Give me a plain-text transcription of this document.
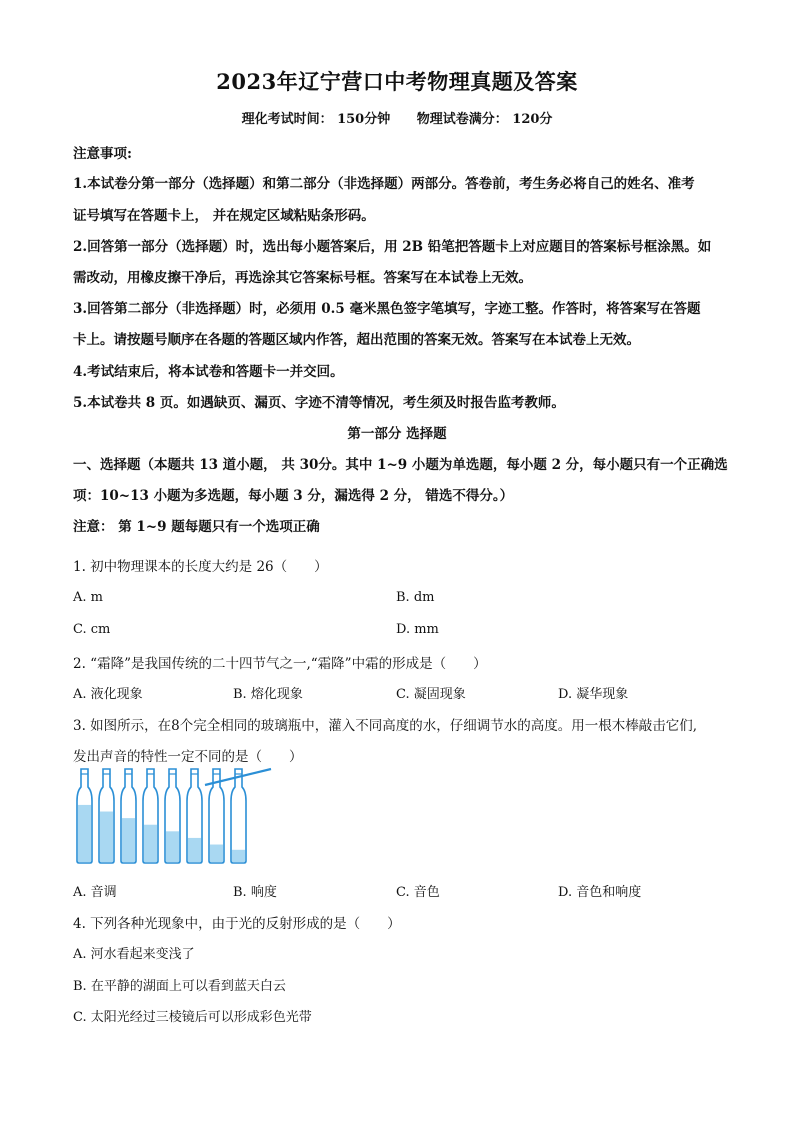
2023年辽宁营口中考物理真题及答案
理化考试时间： 150分钟 物理试卷满分： 120分
注意事项:
1.本试卷分第一部分（选择题）和第二部分（非选择题）两部分。答卷前，考生务必将自己的姓名、准考
证号填写在答题卡上， 并在规定区域粘贴条形码。
2.回答第一部分（选择题）时，选出每小题答案后，用 2B 铅笔把答题卡上对应题目的答案标号框涂黑。如
需改动，用橡皮擦干净后，再选涂其它答案标号框。答案写在本试卷上无效。
3.回答第二部分（非选择题）时，必须用 0.5 毫米黑色签字笔填写，字迹工整。作答时，将答案写在答题
卡上。请按题号顺序在各题的答题区域内作答，超出范围的答案无效。答案写在本试卷上无效。
4.考试结束后，将本试卷和答题卡一并交回。
5.本试卷共 8 页。如遇缺页、漏页、字迹不清等情况，考生须及时报告监考教师。
第一部分 选择题
一、选择题（本题共 13 道小题， 共 30分。其中 1~9 小题为单选题，每小题 2 分，每小题只有一个正确选
项：10~13 小题为多选题，每小题 3 分，漏选得 2 分， 错选不得分。）
注意： 第 1~9 题每题只有一个选项正确
1. 初中物理课本的长度大约是 26（　　）
A. m	B. dm
C. cm	D. mm
2. “霜降”是我国传统的二十四节气之一,“霜降”中霜的形成是（　　）
A. 液化现象	B. 熔化现象	C. 凝固现象	D. 凝华现象
3. 如图所示，在8个完全相同的玻璃瓶中，灌入不同高度的水，仔细调节水的高度。用一根木棒敲击它们,
发出声音的特性一定不同的是（　　）
A. 音调	B. 响度	C. 音色	D. 音色和响度
4. 下列各种光现象中，由于光的反射形成的是（　　）
A. 河水看起来变浅了
B. 在平静的湖面上可以看到蓝天白云
C. 太阳光经过三棱镜后可以形成彩色光带
